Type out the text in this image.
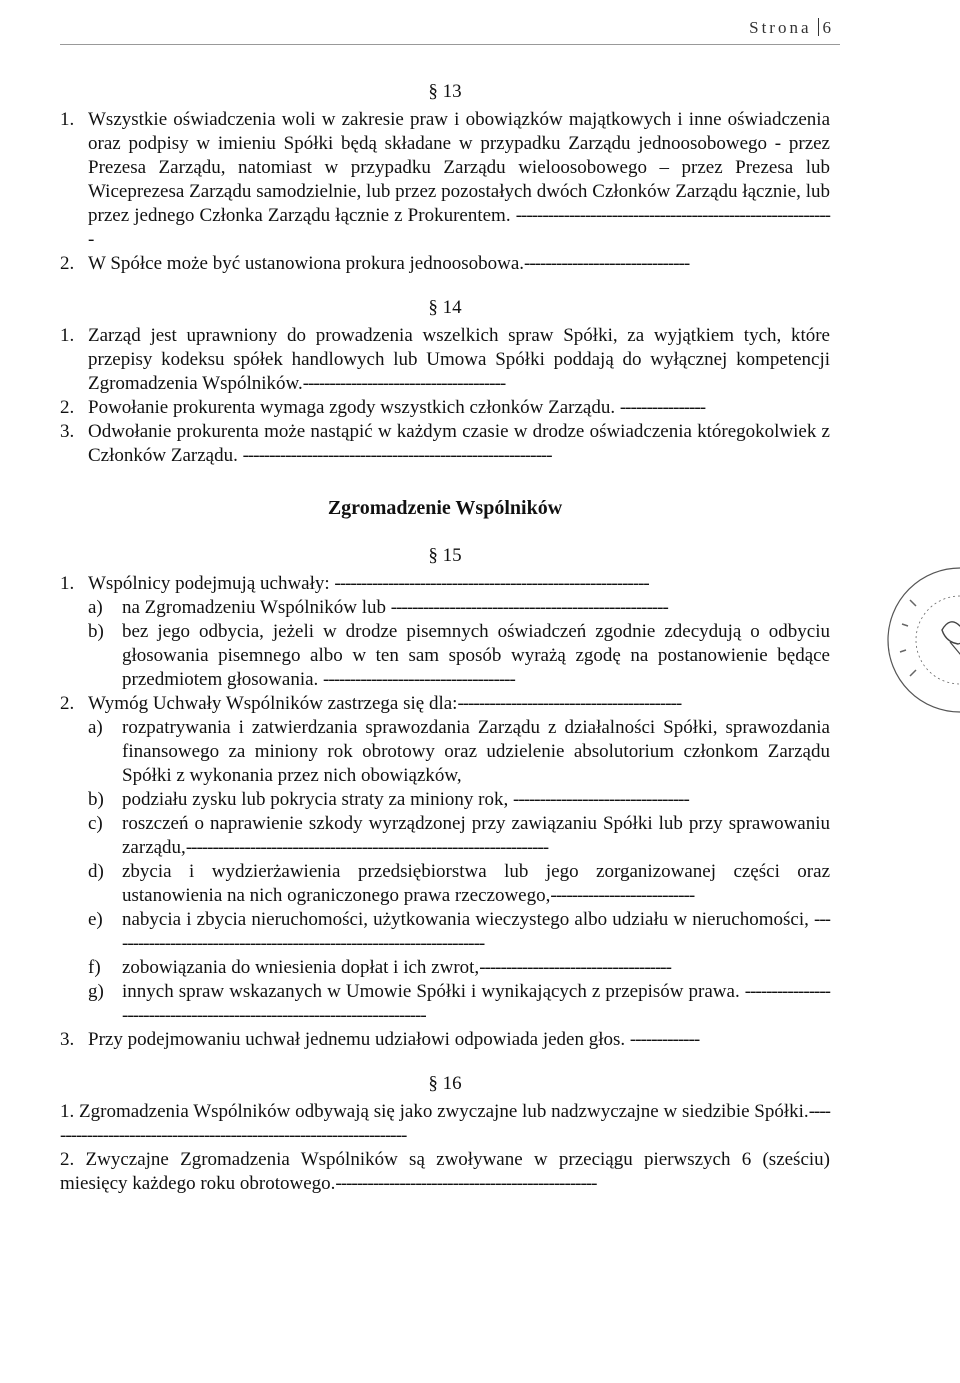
Strona 6
§ 13
1. Wszystkie oświadczenia woli w zakresie praw i obowiązków majątkowych i inne oświadczenia oraz podpisy w imieniu Spółki będą składane w przypadku Zarządu jednoosobowego - przez Prezesa Zarządu, natomiast w przypadku Zarządu wieloosobowego – przez Prezesa lub Wiceprezesa Zarządu samodzielnie, lub przez pozostałych dwóch Członków Zarządu łącznie, lub przez jednego Członka Zarządu łącznie z Prokurentem. ------------------------------------------------------------
2. W Spółce może być ustanowiona prokura jednoosobowa.-------------------------------
§ 14
1. Zarząd jest uprawniony do prowadzenia wszelkich spraw Spółki, za wyjątkiem tych, które przepisy kodeksu spółek handlowych lub Umowa Spółki poddają do wyłącznej kompetencji Zgromadzenia Wspólników.--------------------------------------
2. Powołanie prokurenta wymaga zgody wszystkich członków Zarządu. ----------------
3. Odwołanie prokurenta może nastąpić w każdym czasie w drodze oświadczenia któregokolwiek z Członków Zarządu. ----------------------------------------------------------
Zgromadzenie Wspólników
§ 15
1. Wspólnicy podejmują uchwały: -----------------------------------------------------------
a)	na Zgromadzeniu Wspólników lub ----------------------------------------------------
b) bez jego odbycia, jeżeli w drodze pisemnych oświadczeń zgodnie zdecydują o odbyciu głosowania pisemnego albo w ten sam sposób wyrażą zgodę na postanowienie będące przedmiotem głosowania. ------------------------------------
2. Wymóg Uchwały Wspólników zastrzega się dla:------------------------------------------
a)	rozpatrywania i zatwierdzania sprawozdania Zarządu z działalności Spółki, sprawozdania finansowego za miniony rok obrotowy oraz udzielenie absolutorium członkom Zarządu Spółki z wykonania przez nich obowiązków,
b) podziału zysku lub pokrycia straty za miniony rok, ---------------------------------
c)	roszczeń o naprawienie szkody wyrządzonej przy zawiązaniu Spółki lub przy sprawowaniu zarządu,--------------------------------------------------------------------
d) zbycia i wydzierżawienia przedsiębiorstwa lub jego zorganizowanej części oraz ustanowienia na nich ograniczonego prawa rzeczowego,---------------------------
e)	nabycia i zbycia nieruchomości, użytkowania wieczystego albo udziału w nieruchomości, -----------------------------------------------------------------------
f)	zobowiązania do wniesienia dopłat i ich zwrot,------------------------------------
g) innych spraw wskazanych w Umowie Spółki i wynikających z przepisów prawa. -------------------------------------------------------------------------
3. Przy podejmowaniu uchwał jednemu udziałowi odpowiada jeden głos. -------------
§ 16
1. Zgromadzenia Wspólników odbywają się jako zwyczajne lub nadzwyczajne w siedzibie Spółki.---------------------------------------------------------------------
2. Zwyczajne Zgromadzenia Wspólników są zwoływane w przeciągu pierwszych 6 (sześciu) miesięcy każdego roku obrotowego.-------------------------------------------------
